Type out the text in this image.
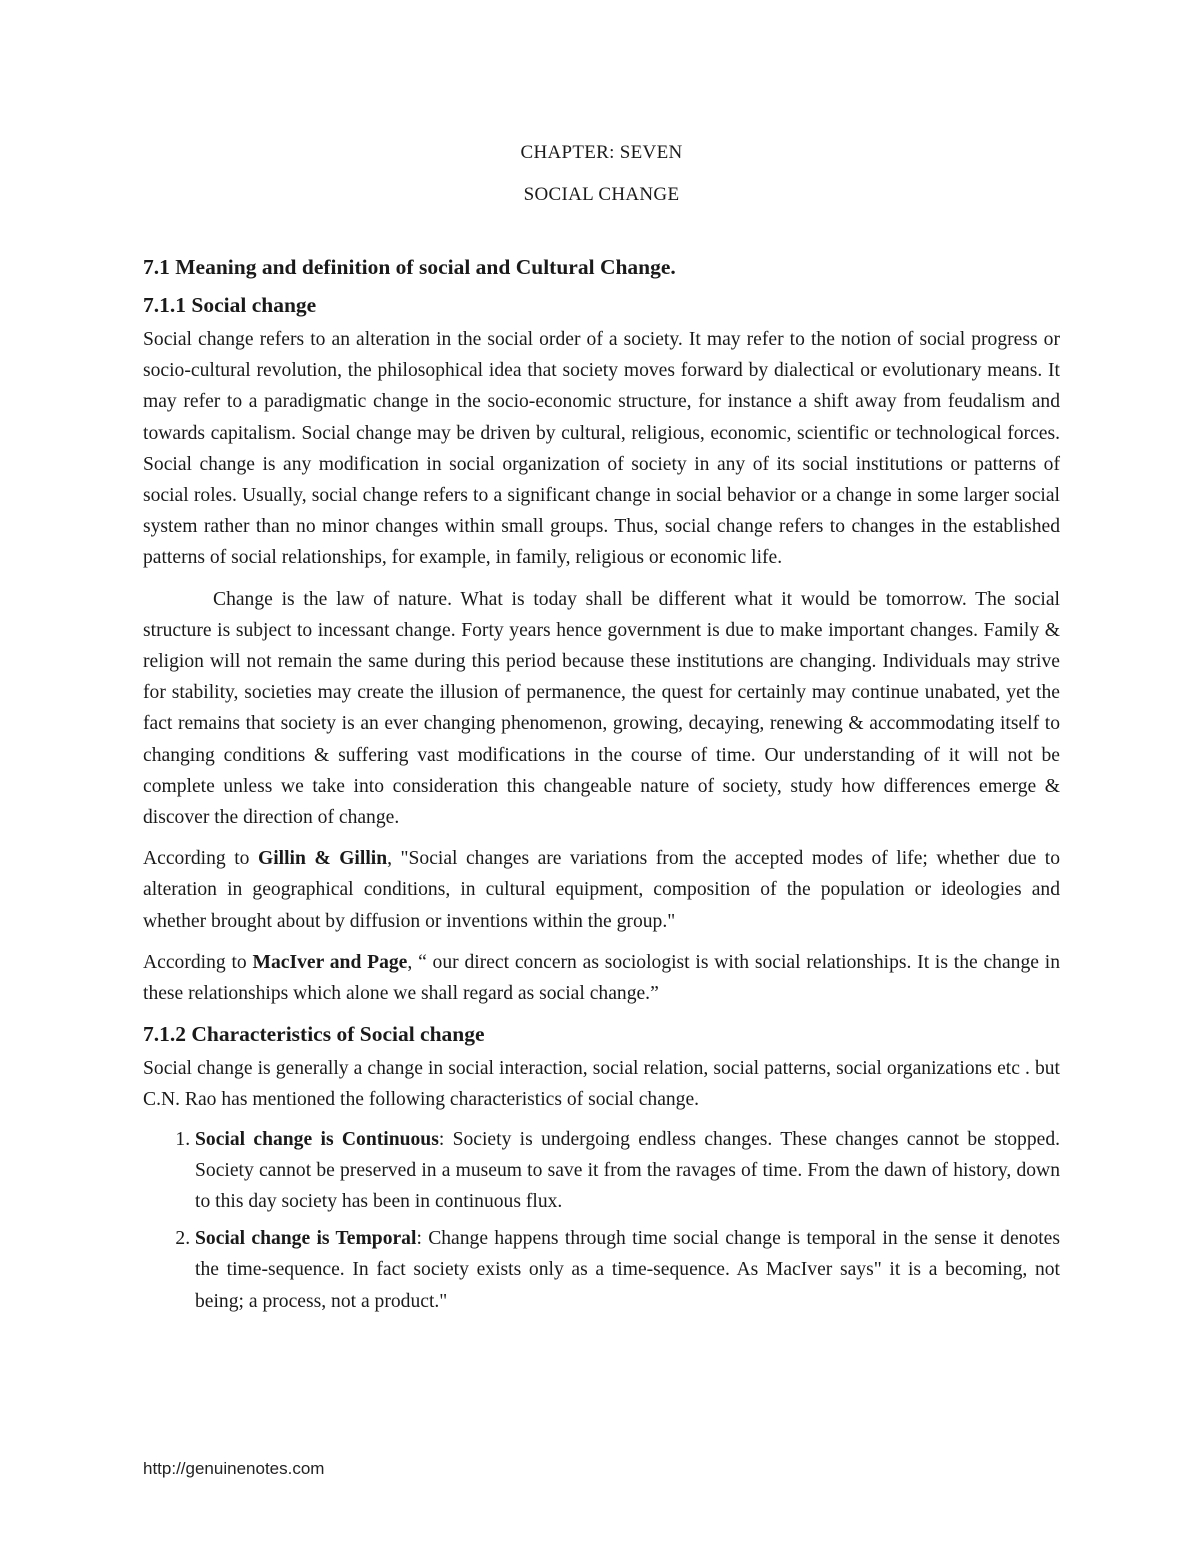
CHAPTER: SEVEN
SOCIAL CHANGE
7.1 Meaning and definition of social and Cultural Change.
7.1.1 Social change

Social change refers to an alteration in the social order of a society. It may refer to the notion of social progress or socio-cultural revolution, the philosophical idea that society moves forward by dialectical or evolutionary means. It may refer to a paradigmatic change in the socio-economic structure, for instance a shift away from feudalism and towards capitalism. Social change may be driven by cultural, religious, economic, scientific or technological forces. Social change is any modification in social organization of society in any of its social institutions or patterns of social roles. Usually, social change refers to a significant change in social behavior or a change in some larger social system rather than no minor changes within small groups. Thus, social change refers to changes in the established patterns of social relationships, for example, in family, religious or economic life.

Change is the law of nature. What is today shall be different what it would be tomorrow. The social structure is subject to incessant change. Forty years hence government is due to make important changes. Family & religion will not remain the same during this period because these institutions are changing. Individuals may strive for stability, societies may create the illusion of permanence, the quest for certainly may continue unabated, yet the fact remains that society is an ever changing phenomenon, growing, decaying, renewing & accommodating itself to changing conditions & suffering vast modifications in the course of time. Our understanding of it will not be complete unless we take into consideration this changeable nature of society, study how differences emerge & discover the direction of change.

According to Gillin & Gillin, "Social changes are variations from the accepted modes of life; whether due to alteration in geographical conditions, in cultural equipment, composition of the population or ideologies and whether brought about by diffusion or inventions within the group."

According to MacIver and Page, “ our direct concern as sociologist is with social relationships. It is the change in these relationships which alone we shall regard as social change.”

7.1.2 Characteristics of Social change

Social change is generally a change in social interaction, social relation, social patterns, social organizations etc . but C.N. Rao has mentioned the following characteristics of social change.

1. Social change is Continuous: Society is undergoing endless changes. These changes cannot be stopped. Society cannot be preserved in a museum to save it from the ravages of time. From the dawn of history, down to this day society has been in continuous flux.
2. Social change is Temporal: Change happens through time social change is temporal in the sense it denotes the time-sequence. In fact society exists only as a time-sequence. As MacIver says" it is a becoming, not being; a process, not a product."
http://genuinenotes.com
